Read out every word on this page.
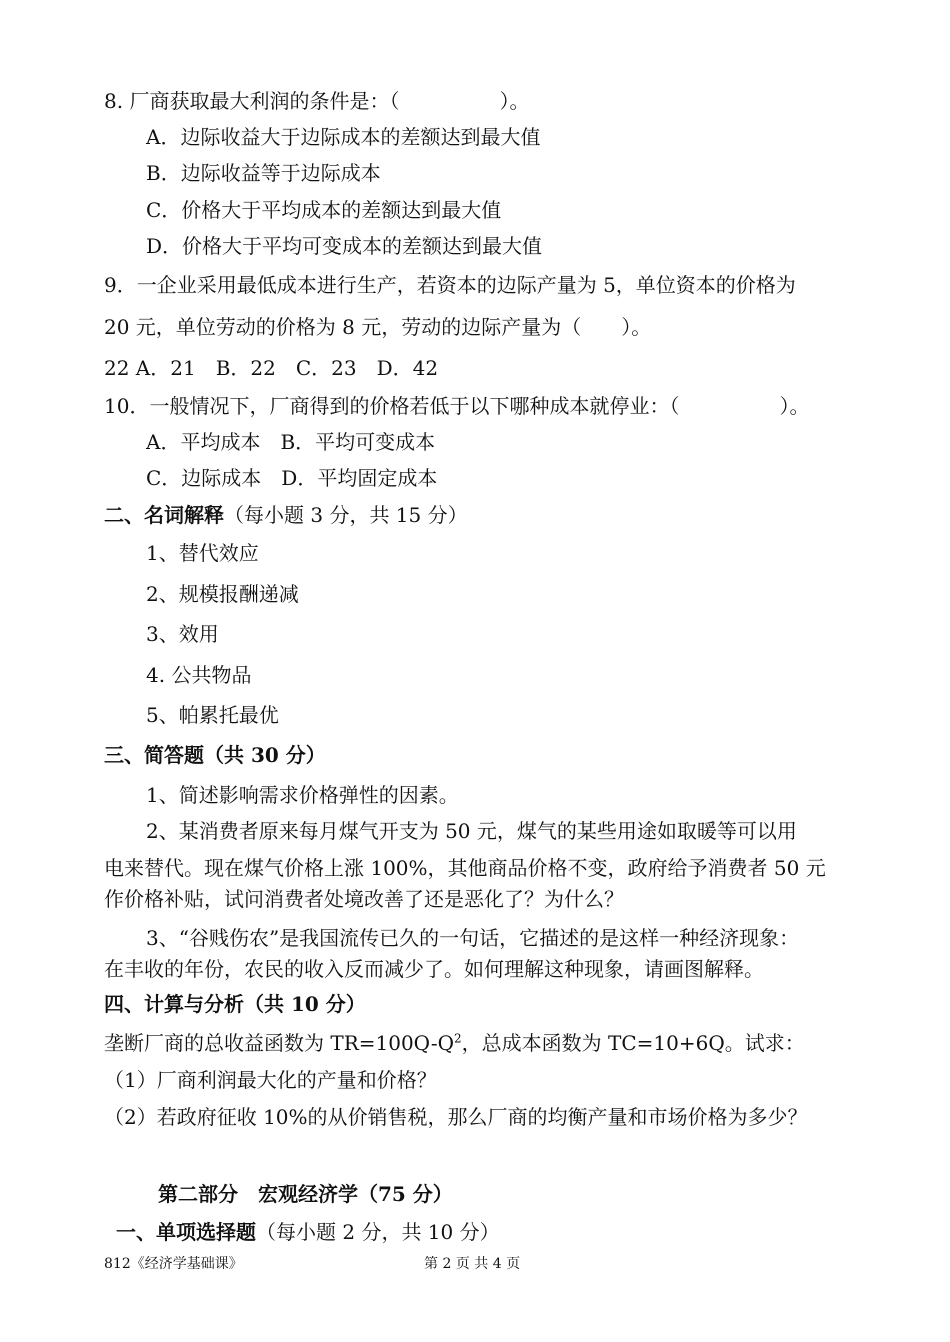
8. 厂商获取最大利润的条件是：（　　　　　）。
A．边际收益大于边际成本的差额达到最大值
B．边际收益等于边际成本
C．价格大于平均成本的差额达到最大值
D．价格大于平均可变成本的差额达到最大值
9．一企业采用最低成本进行生产，若资本的边际产量为 5，单位资本的价格为
20 元，单位劳动的价格为 8 元，劳动的边际产量为（　　）。
22 A．21　B．22　C．23　D．42
10．一般情况下，厂商得到的价格若低于以下哪种成本就停业：（　　　　　）。
A．平均成本　B．平均可变成本
C．边际成本　D．平均固定成本
二、名词解释（每小题 3 分，共 15 分）
1、替代效应
2、规模报酬递减
3、效用
4. 公共物品
5、帕累托最优
三、简答题（共 30 分）
1、简述影响需求价格弹性的因素。
2、某消费者原来每月煤气开支为 50 元，煤气的某些用途如取暖等可以用
电来替代。现在煤气价格上涨 100%，其他商品价格不变，政府给予消费者 50 元
作价格补贴，试问消费者处境改善了还是恶化了？为什么？
3、“谷贱伤农”是我国流传已久的一句话，它描述的是这样一种经济现象：
在丰收的年份，农民的收入反而减少了。如何理解这种现象，请画图解释。
四、计算与分析（共 10 分）
垄断厂商的总收益函数为 $TR=100Q-Q^2$，总成本函数为 TC=10+6Q。试求：
（1）厂商利润最大化的产量和价格？
（2）若政府征收 10%的从价销售税，那么厂商的均衡产量和市场价格为多少？
第二部分　宏观经济学（75 分）
一、单项选择题（每小题 2 分，共 10 分）
812《经济学基础课》	第 2 页 共 4 页
